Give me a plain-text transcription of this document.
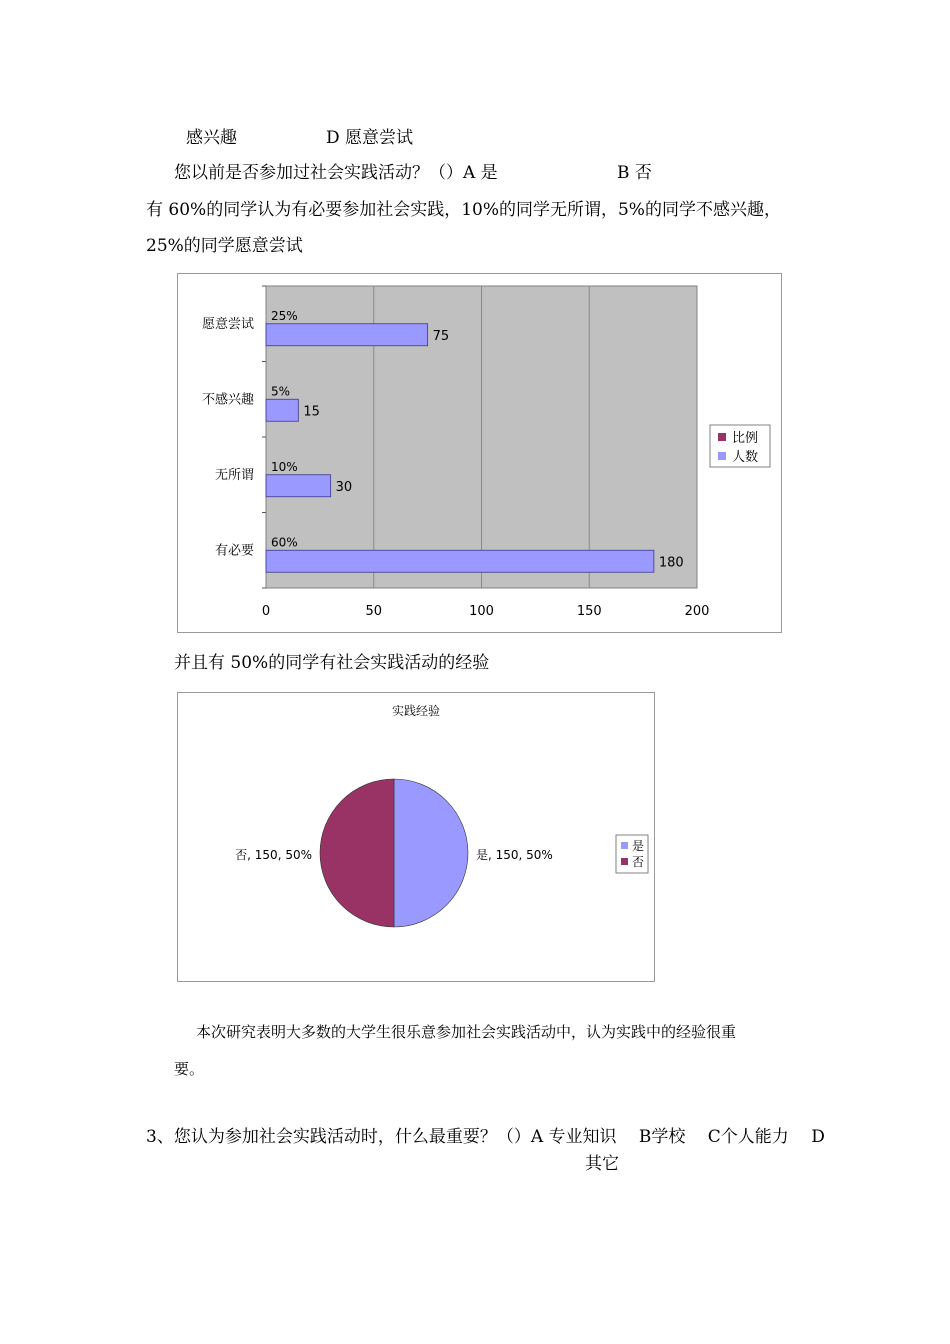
感兴趣	D 愿意尝试
您以前是否参加过社会实践活动？（）A 是	B 否
有 60%的同学认为有必要参加社会实践，10%的同学无所谓，5%的同学不感兴趣，
25%的同学愿意尝试
0	50	100	150	200
愿意尝试
75
25%
不感兴趣
15
5%
无所谓
30
10%
有必要
180
60%
比例
人数
并且有 50%的同学有社会实践活动的经验
实践经验
是, 150, 50%
否, 150, 50%
是
否
本次研究表明大多数的大学生很乐意参加社会实践活动中，认为实践中的经验很重
要。
3、您认为参加社会实践活动时，什么最重要？（）A 专业知识　 B学校　 C个人能力　 D
其它
